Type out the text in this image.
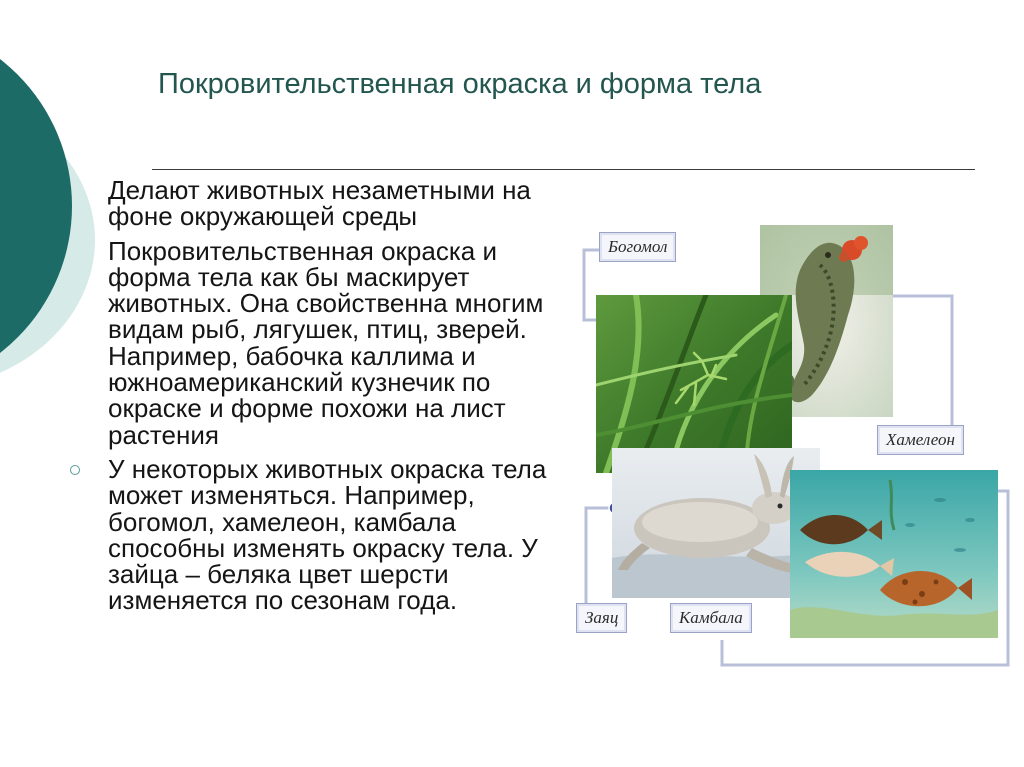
Покровительственная окраска и форма тела
Делают животных незаметными на фоне окружающей среды
Покровительственная окраска и форма тела как бы маскирует животных. Она свойственна многим видам рыб, лягушек, птиц, зверей. Например, бабочка каллима и южноамериканский кузнечик по окраске и форме похожи на лист растения
У некоторых животных окраска тела может изменяться. Например, богомол, хамелеон, камбала способны изменять окраску тела. У зайца – беляка цвет шерсти изменяется по сезонам года.
Богомол
Хамелеон
Заяц	Камбала
